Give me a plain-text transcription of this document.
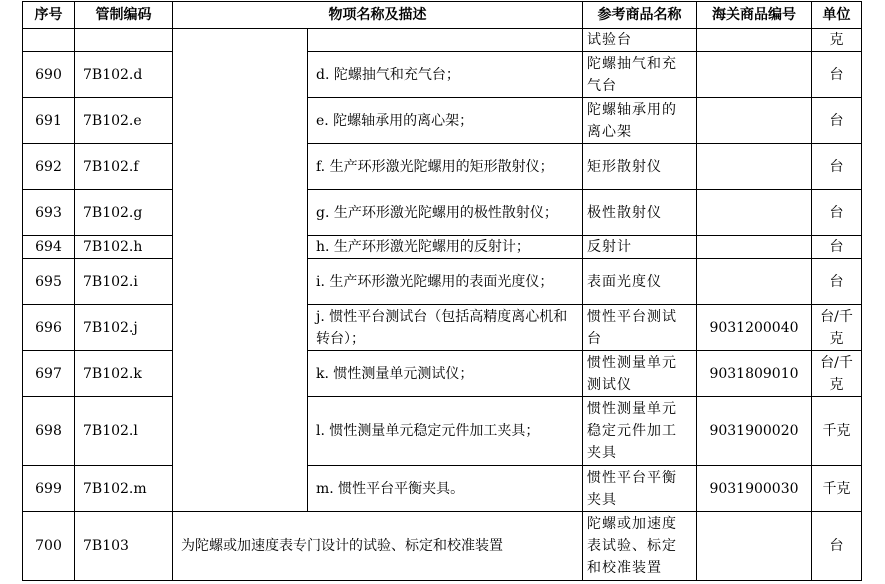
序号	管制编码	物项名称及描述		参考商品名称	海关商品编号	单位
				试验台		克
690	7B102.d		d. 陀螺抽气和充气台；	陀螺抽气和充气台		台
691	7B102.e		e. 陀螺轴承用的离心架；	陀螺轴承用的离心架		台
692	7B102.f		f. 生产环形激光陀螺用的矩形散射仪；	矩形散射仪		台
693	7B102.g		g. 生产环形激光陀螺用的极性散射仪；	极性散射仪		台
694	7B102.h		h. 生产环形激光陀螺用的反射计；	反射计		台
695	7B102.i		i. 生产环形激光陀螺用的表面光度仪；	表面光度仪		台
696	7B102.j		j. 惯性平台测试台（包括高精度离心机和转台）；	惯性平台测试台	9031200040	台/千克
697	7B102.k		k. 惯性测量单元测试仪；	惯性测量单元测试仪	9031809010	台/千克
698	7B102.l		l. 惯性测量单元稳定元件加工夹具；	惯性测量单元稳定元件加工夹具	9031900020	千克
699	7B102.m		m. 惯性平台平衡夹具。	惯性平台平衡夹具	9031900030	千克
700	7B103	为陀螺或加速度表专门设计的试验、标定和校准装置		陀螺或加速度表试验、标定和校准装置		台
